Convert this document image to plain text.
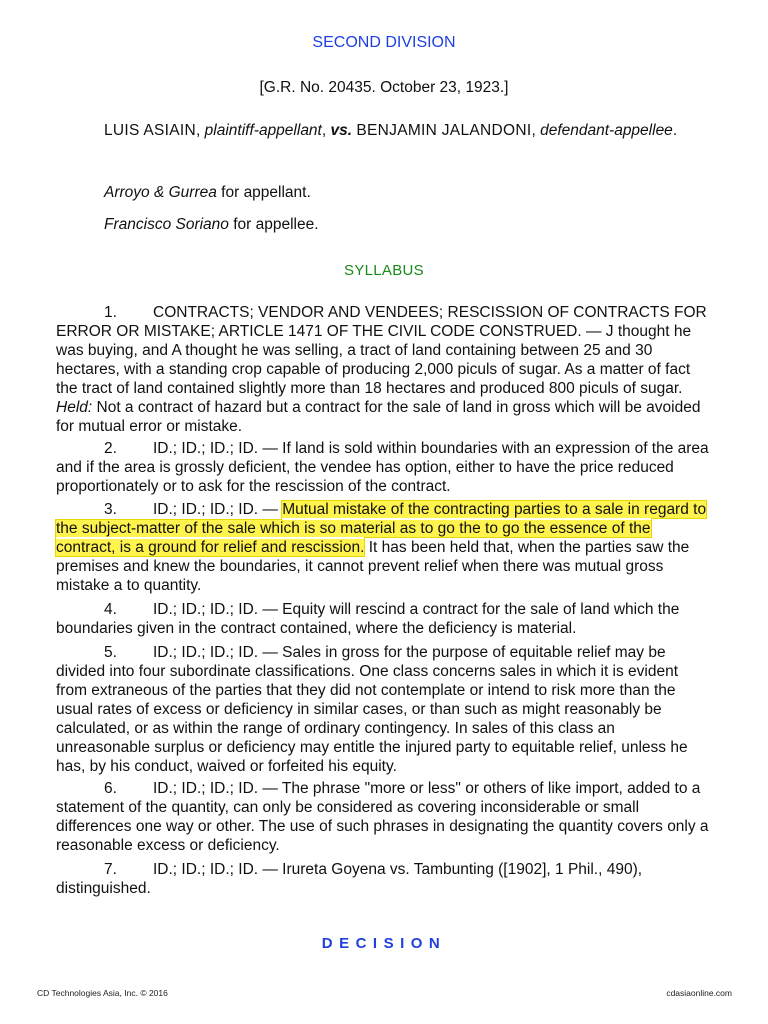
SECOND DIVISION
[G.R. No. 20435. October 23, 1923.]
LUIS ASIAIN, plaintiff-appellant, vs. BENJAMIN JALANDONI, defendant-appellee.
Arroyo & Gurrea for appellant.
Francisco Soriano for appellee.
SYLLABUS

1. CONTRACTS; VENDOR AND VENDEES; RESCISSION OF CONTRACTS FOR ERROR OR MISTAKE; ARTICLE 1471 OF THE CIVIL CODE CONSTRUED. — J thought he was buying, and A thought he was selling, a tract of land containing between 25 and 30 hectares, with a standing crop capable of producing 2,000 piculs of sugar. As a matter of fact the tract of land contained slightly more than 18 hectares and produced 800 piculs of sugar. Held: Not a contract of hazard but a contract for the sale of land in gross which will be avoided for mutual error or mistake.

2. ID.; ID.; ID.; ID. — If land is sold within boundaries with an expression of the area and if the area is grossly deficient, the vendee has option, either to have the price reduced proportionately or to ask for the rescission of the contract.

3. ID.; ID.; ID.; ID. — Mutual mistake of the contracting parties to a sale in regard to the subject-matter of the sale which is so material as to go the to go the essence of the contract, is a ground for relief and rescission. It has been held that, when the parties saw the premises and knew the boundaries, it cannot prevent relief when there was mutual gross mistake a to quantity.

4. ID.; ID.; ID.; ID. — Equity will rescind a contract for the sale of land which the boundaries given in the contract contained, where the deficiency is material.

5. ID.; ID.; ID.; ID. — Sales in gross for the purpose of equitable relief may be divided into four subordinate classifications. One class concerns sales in which it is evident from extraneous of the parties that they did not contemplate or intend to risk more than the usual rates of excess or deficiency in similar cases, or than such as might reasonably be calculated, or as within the range of ordinary contingency. In sales of this class an unreasonable surplus or deficiency may entitle the injured party to equitable relief, unless he has, by his conduct, waived or forfeited his equity.

6. ID.; ID.; ID.; ID. — The phrase "more or less" or others of like import, added to a statement of the quantity, can only be considered as covering inconsiderable or small differences one way or other. The use of such phrases in designating the quantity covers only a reasonable excess or deficiency.

7. ID.; ID.; ID.; ID. — Irureta Goyena vs. Tambunting ([1902], 1 Phil., 490), distinguished.

DECISION
CD Technologies Asia, Inc. © 2016	cdasiaonline.com
